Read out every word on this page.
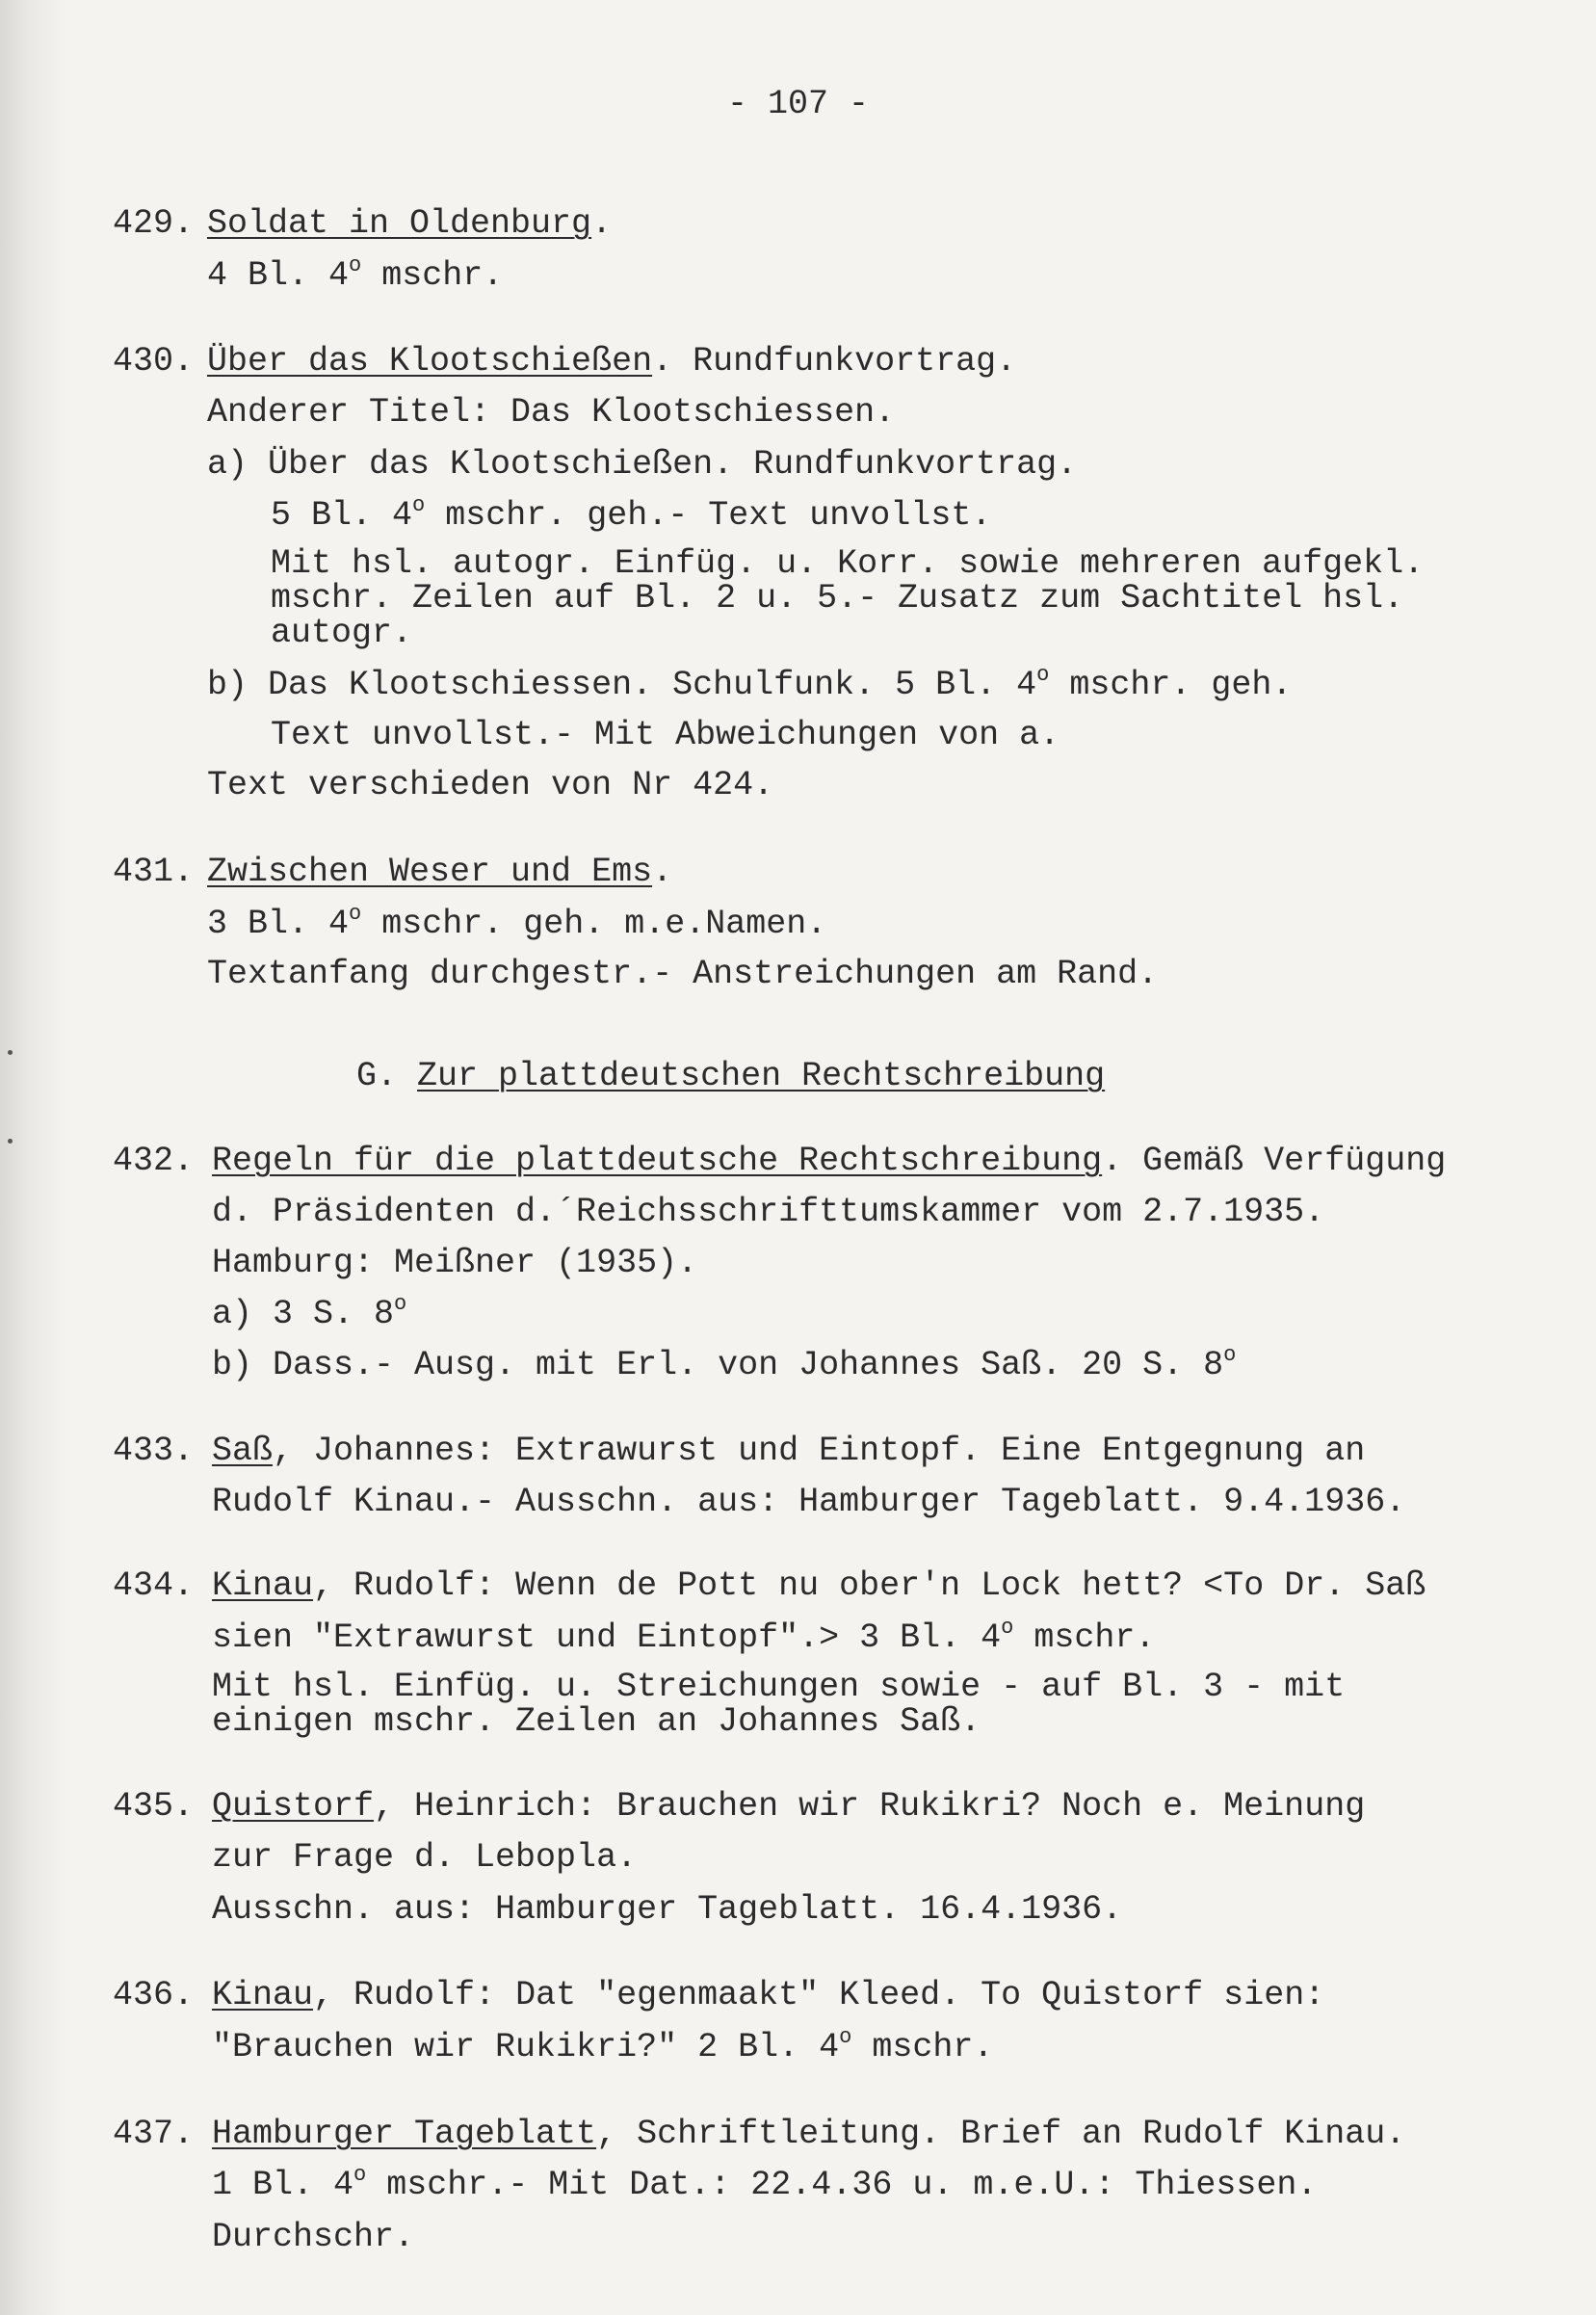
- 107 -
429. Soldat in Oldenburg.
4 Bl. 4$^o$ mschr.
430. Über das Klootschießen. Rundfunkvortrag.
Anderer Titel: Das Klootschiessen.
a) Über das Klootschießen. Rundfunkvortrag.
5 Bl. 4$^o$ mschr. geh.- Text unvollst.
Mit hsl. autogr. Einfüg. u. Korr. sowie mehreren aufgekl.
mschr. Zeilen auf Bl. 2 u. 5.- Zusatz zum Sachtitel hsl.
autogr.
b) Das Klootschiessen. Schulfunk. 5 Bl. 4$^o$ mschr. geh.
Text unvollst.- Mit Abweichungen von a.
Text verschieden von Nr 424.
431. Zwischen Weser und Ems.
3 Bl. 4$^o$ mschr. geh. m.e.Namen.
Textanfang durchgestr.- Anstreichungen am Rand.
G. Zur plattdeutschen Rechtschreibung
432. Regeln für die plattdeutsche Rechtschreibung. Gemäß Verfügung
d. Präsidenten d.´Reichsschrifttumskammer vom 2.7.1935.
Hamburg: Meißner (1935).
a) 3 S. 8$^o$
b) Dass.- Ausg. mit Erl. von Johannes Saß. 20 S. 8$^o$
433. Saß, Johannes: Extrawurst und Eintopf. Eine Entgegnung an
Rudolf Kinau.- Ausschn. aus: Hamburger Tageblatt. 9.4.1936.
434. Kinau, Rudolf: Wenn de Pott nu ober'n Lock hett? <To Dr. Saß
sien "Extrawurst und Eintopf".> 3 Bl. 4$^o$ mschr.
Mit hsl. Einfüg. u. Streichungen sowie - auf Bl. 3 - mit
einigen mschr. Zeilen an Johannes Saß.
435. Quistorf, Heinrich: Brauchen wir Rukikri? Noch e. Meinung
zur Frage d. Lebopla.
Ausschn. aus: Hamburger Tageblatt. 16.4.1936.
436. Kinau, Rudolf: Dat "egenmaakt" Kleed. To Quistorf sien:
"Brauchen wir Rukikri?" 2 Bl. 4$^o$ mschr.
437. Hamburger Tageblatt, Schriftleitung. Brief an Rudolf Kinau.
1 Bl. 4$^o$ mschr.- Mit Dat.: 22.4.36 u. m.e.U.: Thiessen.
Durchschr.
